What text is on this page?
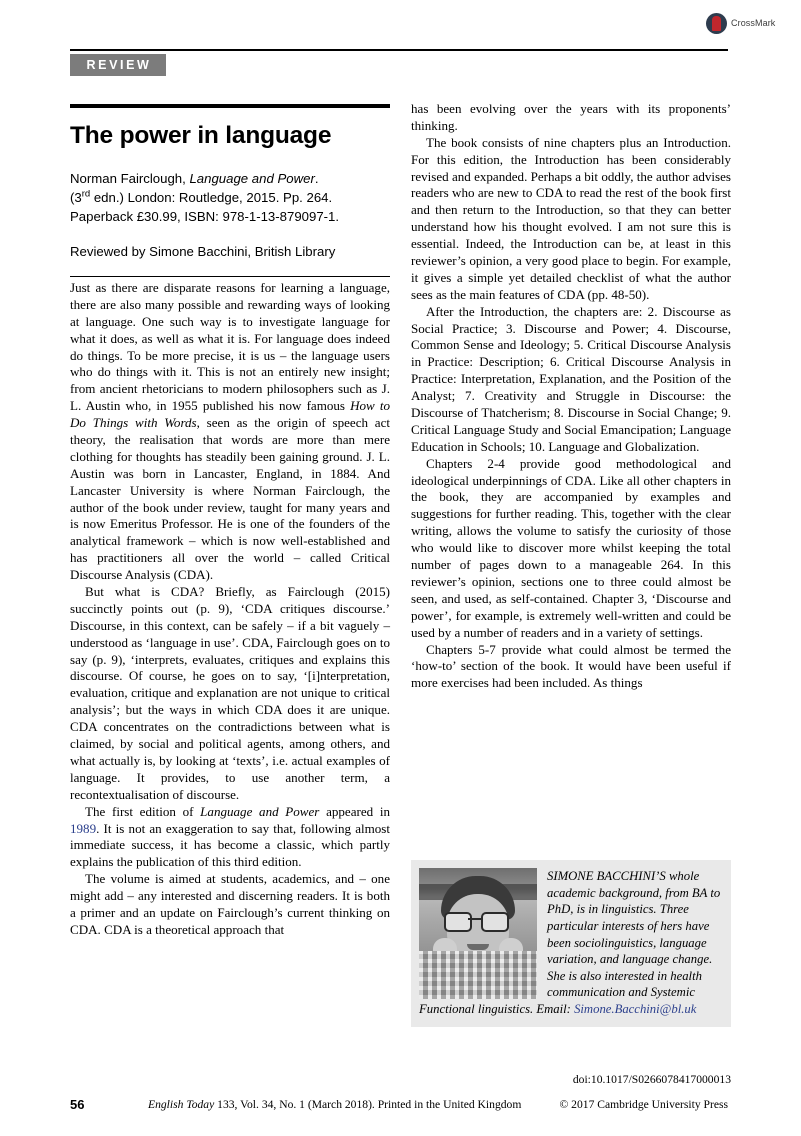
CrossMark
REVIEW
The power in language

Norman Fairclough, Language and Power.
(3rd edn.) London: Routledge, 2015. Pp. 264.
Paperback £30.99, ISBN: 978-1-13-879097-1.

Reviewed by Simone Bacchini, British Library

Just as there are disparate reasons for learning a language, there are also many possible and rewarding ways of looking at language. One such way is to investigate language for what it does, as well as what it is. For language does indeed do things. To be more precise, it is us – the language users who do things with it. This is not an entirely new insight; from ancient rhetoricians to modern philosophers such as J. L. Austin who, in 1955 published his now famous How to Do Things with Words, seen as the origin of speech act theory, the realisation that words are more than mere clothing for thoughts has steadily been gaining ground. J. L. Austin was born in Lancaster, England, in 1884. And Lancaster University is where Norman Fairclough, the author of the book under review, taught for many years and is now Emeritus Professor. He is one of the founders of the analytical framework – which is now well-established and has practitioners all over the world – called Critical Discourse Analysis (CDA).

But what is CDA? Briefly, as Fairclough (2015) succinctly points out (p. 9), ‘CDA critiques discourse.’ Discourse, in this context, can be safely – if a bit vaguely – understood as ‘language in use’. CDA, Fairclough goes on to say (p. 9), ‘interprets, evaluates, critiques and explains this discourse. Of course, he goes on to say, ‘[i]nterpretation, evaluation, critique and explanation are not unique to critical analysis’; but the ways in which CDA does it are unique. CDA concentrates on the contradictions between what is claimed, by social and political agents, among others, and what actually is, by looking at ‘texts’, i.e. actual examples of language. It provides, to use another term, a recontextualisation of discourse.

The first edition of Language and Power appeared in 1989. It is not an exaggeration to say that, following almost immediate success, it has become a classic, which partly explains the publication of this third edition.

The volume is aimed at students, academics, and – one might add – any interested and discerning readers. It is both a primer and an update on Fairclough’s current thinking on CDA. CDA is a theoretical approach that

has been evolving over the years with its proponents’ thinking.

The book consists of nine chapters plus an Introduction. For this edition, the Introduction has been considerably revised and expanded. Perhaps a bit oddly, the author advises readers who are new to CDA to read the rest of the book first and then return to the Introduction, so that they can better understand how his thought evolved. I am not sure this is essential. Indeed, the Introduction can be, at least in this reviewer’s opinion, a very good place to begin. For example, it gives a simple yet detailed checklist of what the author sees as the main features of CDA (pp. 48-50).

After the Introduction, the chapters are: 2. Discourse as Social Practice; 3. Discourse and Power; 4. Discourse, Common Sense and Ideology; 5. Critical Discourse Analysis in Practice: Description; 6. Critical Discourse Analysis in Practice: Interpretation, Explanation, and the Position of the Analyst; 7. Creativity and Struggle in Discourse: the Discourse of Thatcherism; 8. Discourse in Social Change; 9. Critical Language Study and Social Emancipation; Language Education in Schools; 10. Language and Globalization.

Chapters 2-4 provide good methodological and ideological underpinnings of CDA. Like all other chapters in the book, they are accompanied by examples and suggestions for further reading. This, together with the clear writing, allows the volume to satisfy the curiosity of those who would like to discover more whilst keeping the total number of pages down to a manageable 264. In this reviewer’s opinion, sections one to three could almost be seen, and used, as self-contained. Chapter 3, ‘Discourse and power’, for example, is extremely well-written and could be used by a number of readers and in a variety of settings.

Chapters 5-7 provide what could almost be termed the ‘how-to’ section of the book. It would have been useful if more exercises had been included. As things

SIMONE BACCHINI’S whole academic background, from BA to PhD, is in linguistics. Three particular interests of hers have been sociolinguistics, language variation, and language change. She is also interested in health communication and Systemic Functional linguistics. Email: Simone.Bacchini@bl.uk
doi:10.1017/S0266078417000013
56	English Today 133, Vol. 34, No. 1 (March 2018). Printed in the United Kingdom	© 2017 Cambridge University Press
